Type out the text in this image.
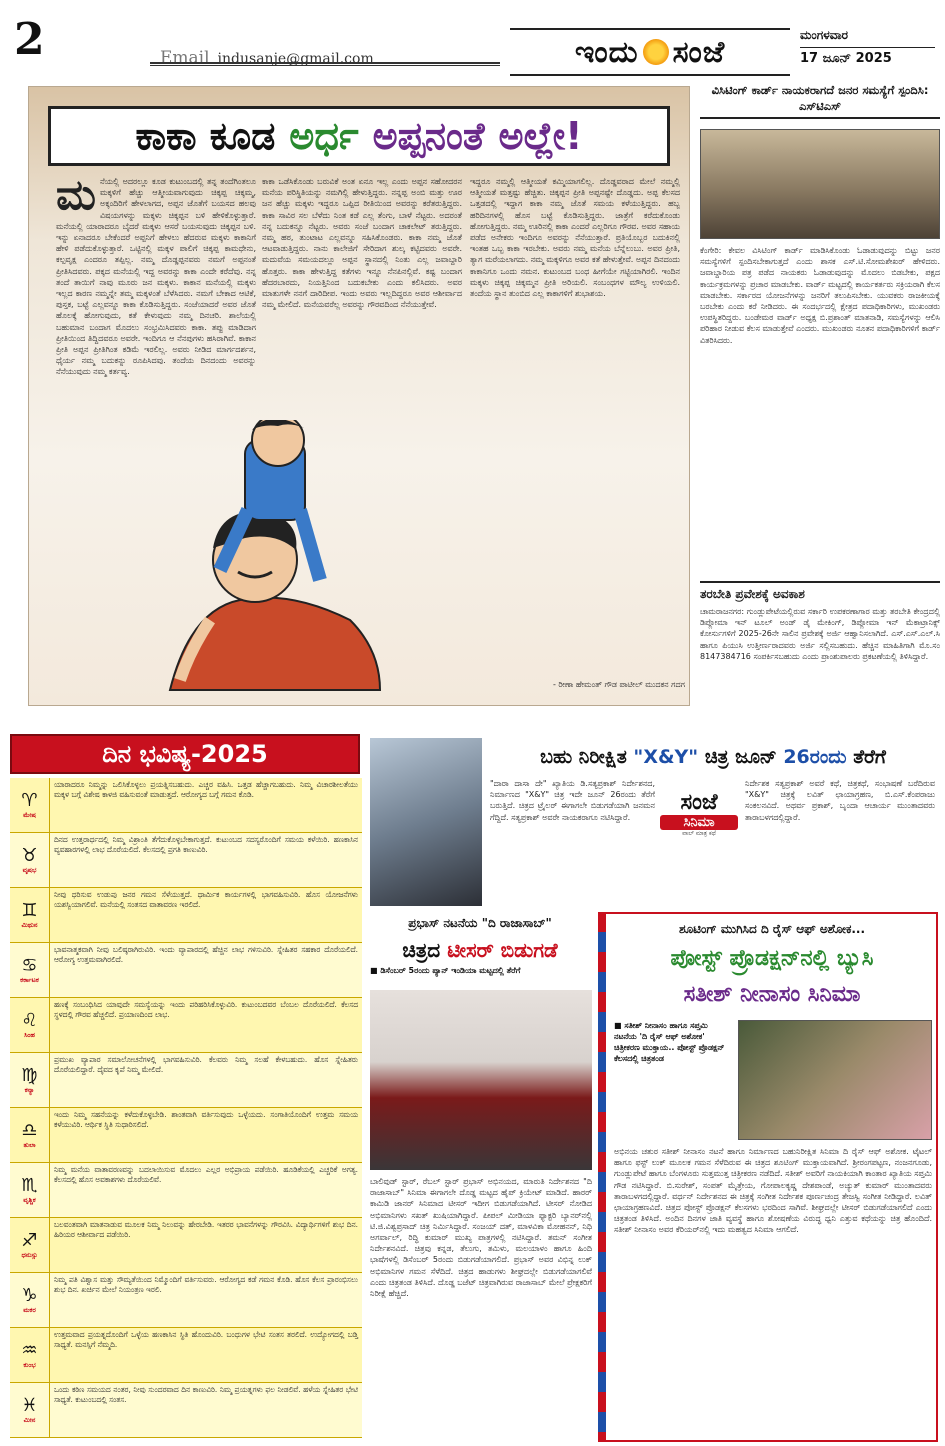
2	Email indusanje@gmail.com	ಇಂದು ಸಂಜೆ	ಮಂಗಳವಾರ
17 ಜೂನ್ 2025
ಕಾಕಾ ಕೂಡ ಅರ್ಧ ಅಪ್ಪನಂತೆ ಅಲ್ಲೇ!
ಮನೆಯಲ್ಲಿ ಅದರಲ್ಲೂ ಕೂಡ ಕುಟುಂಬದಲ್ಲಿ ತನ್ನ ತಂದೆಗಿಂತಲೂ ಮಕ್ಕಳಿಗೆ ಹೆಚ್ಚು ಆತ್ಮೀಯವಾಗುವುದು ಚಿಕ್ಕಪ್ಪ ಚಿಕ್ಕಮ್ಮ, ಅಕ್ಕಂದಿರಿಗೆ ಹೇಳಲಾಗದ, ಅಪ್ಪನ ಜೊತೆಗೆ ಬಯಸದ ಹಲವು ವಿಷಯಗಳನ್ನು ಮಕ್ಕಳು ಚಿಕ್ಕಪ್ಪನ ಬಳಿ ಹೇಳಿಕೊಳ್ಳುತ್ತಾರೆ. ಮನೆಯಲ್ಲಿ ಯಾರಾದರೂ ಬೈದರೆ ಮಕ್ಕಳು ಆಸರೆ ಬಯಸುವುದು ಚಿಕ್ಕಪ್ಪನ ಬಳಿ. ಇನ್ನು ಏನಾದರೂ ಬೇಕೆಂದರೆ ಅಪ್ಪನಿಗೆ ಹೇಳಲು ಹೆದರುವ ಮಕ್ಕಳು ಕಾಕಾನಿಗೆ ಹೇಳಿ ಪಡೆದುಕೊಳ್ಳುತ್ತಾರೆ. ಒಟ್ಟಿನಲ್ಲಿ ಮಕ್ಕಳ ಪಾಲಿಗೆ ಚಿಕ್ಕಪ್ಪ ಕಾಮಧೇನು, ಕಲ್ಪವೃಕ್ಷ ಎಂದರೂ ತಪ್ಪಿಲ್ಲ. ನಮ್ಮ ದೊಡ್ಡಪ್ಪನವರು ನಮಗೆ ಅಪ್ಪನಂತೆ ಪ್ರೀತಿಸಿದವರು. ಪಕ್ಕದ ಮನೆಯಲ್ಲಿ ಇದ್ದ ಅವರನ್ನು ಕಾಕಾ ಎಂದೇ ಕರೆದೆವು. ನನ್ನ ತಂದೆ ತಾಯಿಗೆ ನಾವು ಮೂರು ಜನ ಮಕ್ಕಳು. ಕಾಕಾನ ಮನೆಯಲ್ಲಿ ಮಕ್ಕಳು ಇಲ್ಲದ ಕಾರಣ ನಮ್ಮನ್ನೇ ತಮ್ಮ ಮಕ್ಕಳಂತೆ ಬೆಳೆಸಿದರು. ನಮಗೆ ಬೇಕಾದ ಆಟಿಕೆ, ಪುಸ್ತಕ, ಬಟ್ಟೆ ಎಲ್ಲವನ್ನೂ ಕಾಕಾ ಕೊಡಿಸುತ್ತಿದ್ದರು. ಸಂಜೆಯಾದರೆ ಅವರ ಜೊತೆ ಹೊಲಕ್ಕೆ ಹೋಗುವುದು, ಕತೆ ಕೇಳುವುದು ನಮ್ಮ ದಿನಚರಿ. ಶಾಲೆಯಲ್ಲಿ ಬಹುಮಾನ ಬಂದಾಗ ಮೊದಲು ಸಂಭ್ರಮಿಸಿದವರು ಕಾಕಾ. ತಪ್ಪು ಮಾಡಿದಾಗ ಪ್ರೀತಿಯಿಂದ ತಿದ್ದಿದವರೂ ಅವರೇ. ಇಂದಿಗೂ ಆ ನೆನಪುಗಳು ಹಸಿರಾಗಿವೆ. ಕಾಕಾನ ಪ್ರೀತಿ ಅಪ್ಪನ ಪ್ರೀತಿಗಿಂತ ಕಡಿಮೆ ಇರಲಿಲ್ಲ. ಅವರು ನೀಡಿದ ಮಾರ್ಗದರ್ಶನ, ಧೈರ್ಯ ನಮ್ಮ ಬದುಕನ್ನು ರೂಪಿಸಿದವು. ತಂದೆಯ ದಿನದಂದು ಅವರನ್ನು ನೆನೆಯುವುದು ನಮ್ಮ ಕರ್ತವ್ಯ.
ಕಾಕಾ ಒಡೆಸಿಕೊಂಡು ಬರುವಿಕೆ ಅಂತ ಏನೂ ಇಲ್ಲ ಎಂದು ಅಪ್ಪನ ಸಹೋದರನ ಮನೆಯ ಪರಿಸ್ಥಿತಿಯನ್ನು ನಮಗಿಲ್ಲಿ ಹೇಳುತ್ತಿದ್ದರು. ನನ್ನಪ್ಪ ಅಂಬಿ ಮತ್ತು ಊರ ಜನ ಹೆಚ್ಚು ಮಕ್ಕಳು ಇದ್ದರೂ ಒಪ್ಪಿದ ರೀತಿಯಿಂದ ಅವರನ್ನು ಕರೆತರುತ್ತಿದ್ದರು. ಕಾಕಾ ಸಾವಿರ ಸಲ ಬೆಳೆದು ನಿಂತ ಕಡೆ ಎಲ್ಲ ತೆಂಗು, ಬಾಳೆ ನೆಟ್ಟರು. ಅದರಂತೆ ನನ್ನ ಬದುಕನ್ನೂ ನೆಟ್ಟರು. ಅವರು ಸಂಜೆ ಬಂದಾಗ ಚಾಕಲೇಟ್ ತರುತ್ತಿದ್ದರು. ನಮ್ಮ ಹಠ, ತುಂಟಾಟ ಎಲ್ಲವನ್ನೂ ಸಹಿಸಿಕೊಂಡರು. ಕಾಕಾ ನಮ್ಮ ಜೊತೆ ಆಟವಾಡುತ್ತಿದ್ದರು. ನಾನು ಕಾಲೇಜಿಗೆ ಸೇರಿದಾಗ ಶುಲ್ಕ ಕಟ್ಟಿದವರು ಅವರೇ. ಮದುವೆಯ ಸಮಯದಲ್ಲೂ ಅಪ್ಪನ ಸ್ಥಾನದಲ್ಲಿ ನಿಂತು ಎಲ್ಲ ಜವಾಬ್ದಾರಿ ಹೊತ್ತರು. ಕಾಕಾ ಹೇಳುತ್ತಿದ್ದ ಕತೆಗಳು ಇನ್ನೂ ನೆನಪಿನಲ್ಲಿವೆ. ಕಷ್ಟ ಬಂದಾಗ ಹೆದರಬಾರದು, ನಿಯತ್ತಿನಿಂದ ಬದುಕಬೇಕು ಎಂದು ಕಲಿಸಿದರು. ಅವರ ಮಾತುಗಳೇ ನನಗೆ ದಾರಿದೀಪ. ಇಂದು ಅವರು ಇಲ್ಲದಿದ್ದರೂ ಅವರ ಆಶೀರ್ವಾದ ನಮ್ಮ ಮೇಲಿದೆ. ಮನೆಯವರೆಲ್ಲ ಅವರನ್ನು ಗೌರವದಿಂದ ನೆನೆಯುತ್ತೇವೆ.
ಇದ್ದರೂ ನಮ್ಮಲ್ಲಿ ಆತ್ಮೀಯತೆ ಕಮ್ಮಿಯಾಗಲಿಲ್ಲ. ದೊಡ್ಡವರಾದ ಮೇಲೆ ನಮ್ಮಲ್ಲಿ ಆತ್ಮೀಯತೆ ಮತ್ತಷ್ಟು ಹೆಚ್ಚಿತು. ಚಿಕ್ಕಪ್ಪನ ಪ್ರೀತಿ ಅಪ್ಪನಷ್ಟೇ ದೊಡ್ಡದು. ಅಪ್ಪ ಕೆಲಸದ ಒತ್ತಡದಲ್ಲಿ ಇದ್ದಾಗ ಕಾಕಾ ನಮ್ಮ ಜೊತೆ ಸಮಯ ಕಳೆಯುತ್ತಿದ್ದರು. ಹಬ್ಬ ಹರಿದಿನಗಳಲ್ಲಿ ಹೊಸ ಬಟ್ಟೆ ಕೊಡಿಸುತ್ತಿದ್ದರು. ಜಾತ್ರೆಗೆ ಕರೆದುಕೊಂಡು ಹೋಗುತ್ತಿದ್ದರು. ನಮ್ಮ ಊರಿನಲ್ಲಿ ಕಾಕಾ ಎಂದರೆ ಎಲ್ಲರಿಗೂ ಗೌರವ. ಅವರ ಸಹಾಯ ಪಡೆದ ಅನೇಕರು ಇಂದಿಗೂ ಅವರನ್ನು ನೆನೆಯುತ್ತಾರೆ. ಪ್ರತಿಯೊಬ್ಬರ ಬದುಕಿನಲ್ಲಿ ಇಂತಹ ಒಬ್ಬ ಕಾಕಾ ಇರಬೇಕು. ಅವರು ನಮ್ಮ ಮನೆಯ ಬೆನ್ನೆಲುಬು. ಅವರ ಪ್ರೀತಿ, ತ್ಯಾಗ ಮರೆಯಲಾಗದು. ನಮ್ಮ ಮಕ್ಕಳಿಗೂ ಅವರ ಕತೆ ಹೇಳುತ್ತೇವೆ. ಅಪ್ಪನ ದಿನದಂದು ಕಾಕಾನಿಗೂ ಒಂದು ನಮನ. ಕುಟುಂಬದ ಬಂಧ ಹೀಗೆಯೇ ಗಟ್ಟಿಯಾಗಿರಲಿ. ಇಂದಿನ ಮಕ್ಕಳು ಚಿಕ್ಕಪ್ಪ ಚಿಕ್ಕಮ್ಮನ ಪ್ರೀತಿ ಅರಿಯಲಿ. ಸಂಬಂಧಗಳ ಮೌಲ್ಯ ಉಳಿಯಲಿ. ತಂದೆಯ ಸ್ಥಾನ ತುಂಬಿದ ಎಲ್ಲ ಕಾಕಾಗಳಿಗೆ ಶುಭಾಶಯ.
- ರೀಣಾ ಹೇಮಂತ್ ಗೌಡ ಪಾಟೀಲ್ ಮುದಕನ ಗದಗ
ವಿಸಿಟಿಂಗ್ ಕಾರ್ಡ್ ನಾಯಕರಾಗದೆ ಜನರ ಸಮಸ್ಯೆಗೆ ಸ್ಪಂದಿಸಿ: ಎಸ್‌ಟಿಎಸ್
ಕೆಂಗೇರಿ: ಕೇವಲ ವಿಸಿಟಿಂಗ್ ಕಾರ್ಡ್ ಮಾಡಿಸಿಕೊಂಡು ಓಡಾಡುವುದನ್ನು ಬಿಟ್ಟು ಜನರ ಸಮಸ್ಯೆಗಳಿಗೆ ಸ್ಪಂದಿಸಬೇಕಾಗುತ್ತದೆ ಎಂದು ಶಾಸಕ ಎಸ್.ಟಿ.ಸೋಮಶೇಖರ್ ಹೇಳಿದರು. ಜವಾಬ್ದಾರಿಯ ಪತ್ರ ಪಡೆದ ನಾಯಕರು ಓಡಾಡುವುದನ್ನು ಮೊದಲು ಬಿಡಬೇಕು, ಪಕ್ಷದ ಕಾರ್ಯಕ್ರಮಗಳನ್ನು ಪ್ರಚಾರ ಮಾಡಬೇಕು. ವಾರ್ಡ್ ಮಟ್ಟದಲ್ಲಿ ಕಾರ್ಯಕರ್ತರು ಸಕ್ರಿಯರಾಗಿ ಕೆಲಸ ಮಾಡಬೇಕು. ಸರ್ಕಾರದ ಯೋಜನೆಗಳನ್ನು ಜನರಿಗೆ ತಲುಪಿಸಬೇಕು. ಯುವಕರು ರಾಜಕೀಯಕ್ಕೆ ಬರಬೇಕು ಎಂದು ಕರೆ ನೀಡಿದರು. ಈ ಸಂದರ್ಭದಲ್ಲಿ ಕ್ಷೇತ್ರದ ಪದಾಧಿಕಾರಿಗಳು, ಮುಖಂಡರು ಉಪಸ್ಥಿತರಿದ್ದರು. ಬಂಡೇಮಠ ವಾರ್ಡ್ ಅಧ್ಯಕ್ಷ ಬಿ.ಪ್ರಶಾಂತ್ ಮಾತನಾಡಿ, ಸಮಸ್ಯೆಗಳನ್ನು ಆಲಿಸಿ ಪರಿಹಾರ ನೀಡುವ ಕೆಲಸ ಮಾಡುತ್ತೇವೆ ಎಂದರು. ಮುಖಂಡರು ನೂತನ ಪದಾಧಿಕಾರಿಗಳಿಗೆ ಕಾರ್ಡ್ ವಿತರಿಸಿದರು.
ತರಬೇತಿ ಪ್ರವೇಶಕ್ಕೆ ಅವಕಾಶ
ಚಾಮರಾಜನಗರ: ಗುಂಡ್ಲುಪೇಟೆಯಲ್ಲಿರುವ ಸರ್ಕಾರಿ ಉಪಕರಣಾಗಾರ ಮತ್ತು ತರಬೇತಿ ಕೇಂದ್ರದಲ್ಲಿ ಡಿಪ್ಲೋಮಾ ಇನ್ ಟೂಲ್ ಅಂಡ್ ಡೈ ಮೇಕಿಂಗ್, ಡಿಪ್ಲೋಮಾ ಇನ್ ಮೆಕಾಟ್ರಾನಿಕ್ಸ್ ಕೋರ್ಸುಗಳಿಗೆ 2025-26ನೇ ಸಾಲಿನ ಪ್ರವೇಶಕ್ಕೆ ಅರ್ಜಿ ಆಹ್ವಾನಿಸಲಾಗಿದೆ. ಎಸ್.ಎಸ್.ಎಲ್.ಸಿ ಹಾಗೂ ಪಿಯುಸಿ ಉತ್ತೀರ್ಣರಾದವರು ಅರ್ಜಿ ಸಲ್ಲಿಸಬಹುದು. ಹೆಚ್ಚಿನ ಮಾಹಿತಿಗಾಗಿ ಮೊ.ಸಂ 8147384716 ಸಂಪರ್ಕಿಸಬಹುದು ಎಂದು ಪ್ರಾಂಶುಪಾಲರು ಪ್ರಕಟಣೆಯಲ್ಲಿ ತಿಳಿಸಿದ್ದಾರೆ.
ದಿನ ಭವಿಷ್ಯ-2025
♈
ಮೇಷ
ಯಾರಾದರೂ ನಿಮ್ಮನ್ನು ಒಲಿಸಿಕೊಳ್ಳಲು ಪ್ರಯತ್ನಿಸಬಹುದು. ಎಚ್ಚರ ವಹಿಸಿ. ಒತ್ತಡ ಹೆಚ್ಚಾಗಬಹುದು. ನಿಮ್ಮ ವಿಚಾರಶೀಲತೆಯು ಮಕ್ಕಳ ಬಗ್ಗೆ ವಿಶೇಷ ಕಾಳಜಿ ವಹಿಸುವಂತೆ ಮಾಡುತ್ತದೆ. ಆರೋಗ್ಯದ ಬಗ್ಗೆ ಗಮನ ಕೊಡಿ.
♉
ವೃಷಭ
ದಿನದ ಉತ್ತರಾರ್ಧದಲ್ಲಿ ನಿಮ್ಮ ವಿಶ್ರಾಂತಿ ತೆಗೆದುಕೊಳ್ಳಬೇಕಾಗುತ್ತದೆ. ಕುಟುಂಬದ ಸದಸ್ಯರೊಂದಿಗೆ ಸಮಯ ಕಳೆಯಿರಿ. ಹಣಕಾಸಿನ ವ್ಯವಹಾರಗಳಲ್ಲಿ ಲಾಭ ದೊರೆಯಲಿದೆ. ಕೆಲಸದಲ್ಲಿ ಪ್ರಗತಿ ಕಾಣುವಿರಿ.
♊
ಮಿಥುನ
ನೀವು ಧರಿಸುವ ಉಡುಪು ಜನರ ಗಮನ ಸೆಳೆಯುತ್ತದೆ. ಧಾರ್ಮಿಕ ಕಾರ್ಯಗಳಲ್ಲಿ ಭಾಗವಹಿಸುವಿರಿ. ಹೊಸ ಯೋಜನೆಗಳು ಯಶಸ್ವಿಯಾಗಲಿವೆ. ಮನೆಯಲ್ಲಿ ಸಂತಸದ ವಾತಾವರಣ ಇರಲಿದೆ.
♋
ಕರ್ಕಾಟಕ
ಭಾವನಾತ್ಮಕವಾಗಿ ನೀವು ಬಲಿಷ್ಠರಾಗಿರುವಿರಿ. ಇಂದು ವ್ಯಾಪಾರದಲ್ಲಿ ಹೆಚ್ಚಿನ ಲಾಭ ಗಳಿಸುವಿರಿ. ಸ್ನೇಹಿತರ ಸಹಕಾರ ದೊರೆಯಲಿದೆ. ಆರೋಗ್ಯ ಉತ್ತಮವಾಗಿರಲಿದೆ.
♌
ಸಿಂಹ
ಹಣಕ್ಕೆ ಸಂಬಂಧಿಸಿದ ಯಾವುದೇ ಸಮಸ್ಯೆಯನ್ನು ಇಂದು ಪರಿಹರಿಸಿಕೊಳ್ಳುವಿರಿ. ಕುಟುಂಬದವರ ಬೆಂಬಲ ದೊರೆಯಲಿದೆ. ಕೆಲಸದ ಸ್ಥಳದಲ್ಲಿ ಗೌರವ ಹೆಚ್ಚಲಿದೆ. ಪ್ರಯಾಣದಿಂದ ಲಾಭ.
♍
ಕನ್ಯಾ
ಪ್ರಮುಖ ವ್ಯಾಪಾರ ಸಮಾಲೋಚನೆಗಳಲ್ಲಿ ಭಾಗವಹಿಸುವಿರಿ. ಕೆಲವರು ನಿಮ್ಮ ಸಲಹೆ ಕೇಳಬಹುದು. ಹೊಸ ಸ್ನೇಹಿತರು ದೊರೆಯಲಿದ್ದಾರೆ. ದೈವದ ಕೃಪೆ ನಿಮ್ಮ ಮೇಲಿದೆ.
♎
ತುಲಾ
ಇಂದು ನಿಮ್ಮ ಸಹನೆಯನ್ನು ಕಳೆದುಕೊಳ್ಳಬೇಡಿ. ಶಾಂತವಾಗಿ ವರ್ತಿಸುವುದು ಒಳ್ಳೆಯದು. ಸಂಗಾತಿಯೊಂದಿಗೆ ಉತ್ತಮ ಸಮಯ ಕಳೆಯುವಿರಿ. ಆರ್ಥಿಕ ಸ್ಥಿತಿ ಸುಧಾರಿಸಲಿದೆ.
♏
ವೃಶ್ಚಿಕ
ನಿಮ್ಮ ಮನೆಯ ವಾತಾವರಣವನ್ನು ಬದಲಾಯಿಸುವ ಮೊದಲು ಎಲ್ಲರ ಅಭಿಪ್ರಾಯ ಪಡೆಯಿರಿ. ಹೂಡಿಕೆಯಲ್ಲಿ ಎಚ್ಚರಿಕೆ ಅಗತ್ಯ. ಕೆಲಸದಲ್ಲಿ ಹೊಸ ಅವಕಾಶಗಳು ದೊರೆಯಲಿವೆ.
♐
ಧನುಸ್ಸು
ಬಲವಂತವಾಗಿ ಮಾತನಾಡುವ ಮೂಲಕ ನಿಮ್ಮ ನಿಲುವನ್ನು ಹೇರಬೇಡಿ. ಇತರರ ಭಾವನೆಗಳನ್ನು ಗೌರವಿಸಿ. ವಿದ್ಯಾರ್ಥಿಗಳಿಗೆ ಶುಭ ದಿನ. ಹಿರಿಯರ ಆಶೀರ್ವಾದ ಪಡೆಯಿರಿ.
♑
ಮಕರ
ನಿಮ್ಮ ಪತಿ ವಿಶ್ವಾಸ ಮತ್ತು ಸೌಮ್ಯತೆಯಿಂದ ನಿಮ್ಮೊಂದಿಗೆ ವರ್ತಿಸುವರು. ಆರೋಗ್ಯದ ಕಡೆ ಗಮನ ಕೊಡಿ. ಹೊಸ ಕೆಲಸ ಪ್ರಾರಂಭಿಸಲು ಶುಭ ದಿನ. ಖರ್ಚಿನ ಮೇಲೆ ನಿಯಂತ್ರಣ ಇರಲಿ.
♒
ಕುಂಭ
ಉತ್ತಮವಾದ ಪ್ರಯತ್ನದೊಂದಿಗೆ ಒಳ್ಳೆಯ ಹಣಕಾಸಿನ ಸ್ಥಿತಿ ಹೊಂದುವಿರಿ. ಬಂಧುಗಳ ಭೇಟಿ ಸಂತಸ ತರಲಿದೆ. ಉದ್ಯೋಗದಲ್ಲಿ ಬಡ್ತಿ ಸಾಧ್ಯತೆ. ಮನಸ್ಸಿಗೆ ನೆಮ್ಮದಿ.
♓
ಮೀನ
ಒಂದು ಕಠಿಣ ಸಮಯದ ನಂತರ, ನೀವು ಸುಂದರವಾದ ದಿನ ಕಾಣುವಿರಿ. ನಿಮ್ಮ ಪ್ರಯತ್ನಗಳು ಫಲ ನೀಡಲಿವೆ. ಹಳೆಯ ಸ್ನೇಹಿತರ ಭೇಟಿ ಸಾಧ್ಯತೆ. ಕುಟುಂಬದಲ್ಲಿ ಸಂತಸ.
ಬಹು ನಿರೀಕ್ಷಿತ "X&Y" ಚಿತ್ರ ಜೂನ್ 26ರಂದು ತೆರೆಗೆ
"ದಾರಾ ದಾಸಾ ದೇ" ಖ್ಯಾತಿಯ ಡಿ.ಸತ್ಯಪ್ರಕಾಶ್ ನಿರ್ದೇಶನದ, ನಿರ್ಮಾಣದ "X&Y" ಚಿತ್ರ ಇದೇ ಜೂನ್ 26ರಂದು ತೆರೆಗೆ ಬರುತ್ತಿದೆ. ಚಿತ್ರದ ಟ್ರೈಲರ್ ಈಗಾಗಲೇ ಬಿಡುಗಡೆಯಾಗಿ ಜನಮನ ಗೆದ್ದಿದೆ. ಸತ್ಯಪ್ರಕಾಶ್ ಅವರೇ ನಾಯಕರಾಗೂ ನಟಿಸಿದ್ದಾರೆ.
ಸಂಜೆ
ಸಿನಿಮಾ
ವಾಲ್ ಮಾತ್ರ ಕಥೆ
ನಿರ್ದೇಶಕ ಸತ್ಯಪ್ರಕಾಶ್ ಅವರೆ ಕಥೆ, ಚಿತ್ರಕಥೆ, ಸಂಭಾಷಣೆ ಬರೆದಿರುವ "X&Y" ಚಿತ್ರಕ್ಕೆ ಲವಿತ್ ಛಾಯಾಗ್ರಹಣ, ಬಿ.ಎಸ್.ಕೆಂಪರಾಜು ಸಂಕಲನವಿದೆ. ಅಥರ್ವ ಪ್ರಕಾಶ್, ಬೃಂದಾ ಆಚಾರ್ಯ ಮುಂತಾದವರು ತಾರಾಬಳಗದಲ್ಲಿದ್ದಾರೆ.
ಪ್ರಭಾಸ್ ನಟನೆಯ "ದಿ ರಾಜಾಸಾಬ್"
ಚಿತ್ರದ ಟೀಸರ್ ಬಿಡುಗಡೆ
■ ಡಿಸೆಂಬರ್ 5ರಂದು ಪ್ಯಾನ್ ಇಂಡಿಯಾ ಮಟ್ಟದಲ್ಲಿ ತೆರೆಗೆ
ಬಾಲಿವುಡ್ ಸ್ಟಾರ್, ರೆಬಲ್ ಸ್ಟಾರ್ ಪ್ರಭಾಸ್ ಅಭಿನಯದ, ಮಾರುತಿ ನಿರ್ದೇಶನದ "ದಿ ರಾಜಾಸಾಬ್" ಸಿನಿಮಾ ಈಗಾಗಲೇ ದೊಡ್ಡ ಮಟ್ಟದ ಹೈಪ್ ಕ್ರಿಯೇಟ್ ಮಾಡಿದೆ. ಹಾರರ್ ಕಾಮಿಡಿ ಜಾನರ್ ಸಿನಿಮಾದ ಟೀಸರ್ ಇದೀಗ ಬಿಡುಗಡೆಯಾಗಿದೆ. ಟೀಸರ್ ನೋಡಿದ ಅಭಿಮಾನಿಗಳು ಸಖತ್ ಖುಷಿಯಾಗಿದ್ದಾರೆ. ಪೀಪಲ್ ಮೀಡಿಯಾ ಫ್ಯಾಕ್ಟರಿ ಬ್ಯಾನರ್‌ನಲ್ಲಿ ಟಿ.ಜಿ.ವಿಶ್ವಪ್ರಸಾದ್ ಚಿತ್ರ ನಿರ್ಮಿಸಿದ್ದಾರೆ. ಸಂಜಯ್ ದತ್, ಮಾಳವಿಕಾ ಮೋಹನನ್, ನಿಧಿ ಅಗರ್ವಾಲ್, ರಿದ್ಧಿ ಕುಮಾರ್ ಮುಖ್ಯ ಪಾತ್ರಗಳಲ್ಲಿ ನಟಿಸಿದ್ದಾರೆ. ತಮನ್ ಸಂಗೀತ ನಿರ್ದೇಶನವಿದೆ. ಚಿತ್ರವು ಕನ್ನಡ, ತೆಲುಗು, ತಮಿಳು, ಮಲಯಾಳಂ ಹಾಗೂ ಹಿಂದಿ ಭಾಷೆಗಳಲ್ಲಿ ಡಿಸೆಂಬರ್ 5ರಂದು ಬಿಡುಗಡೆಯಾಗಲಿದೆ. ಪ್ರಭಾಸ್ ಅವರ ವಿಭಿನ್ನ ಲುಕ್ ಅಭಿಮಾನಿಗಳ ಗಮನ ಸೆಳೆದಿದೆ. ಚಿತ್ರದ ಹಾಡುಗಳು ಶೀಘ್ರದಲ್ಲೇ ಬಿಡುಗಡೆಯಾಗಲಿವೆ ಎಂದು ಚಿತ್ರತಂಡ ತಿಳಿಸಿದೆ. ದೊಡ್ಡ ಬಜೆಟ್ ಚಿತ್ರವಾಗಿರುವ ರಾಜಾಸಾಬ್ ಮೇಲೆ ಪ್ರೇಕ್ಷಕರಿಗೆ ನಿರೀಕ್ಷೆ ಹೆಚ್ಚಿದೆ.
ಶೂಟಿಂಗ್ ಮುಗಿಸಿದ ದಿ ರೈಸ್ ಆಫ್ ಅಶೋಕ...
ಪೋಸ್ಟ್ ಪ್ರೊಡಕ್ಷನ್‌ನಲ್ಲಿ ಬ್ಯುಸಿ
ಸತೀಶ್ ನೀನಾಸಂ ಸಿನಿಮಾ
■ ಸತೀಶ್ ನೀನಾಸಂ ಹಾಗೂ ಸಪ್ತಮಿ ನಟನೆಯ 'ದಿ ರೈಸ್ ಆಫ್ ಅಶೋಕ' ಚಿತ್ರೀಕರಣ ಮುಕ್ತಾಯ.. ಪೋಸ್ಟ್ ಪ್ರೊಡಕ್ಷನ್ ಕೆಲಸದಲ್ಲಿ ಚಿತ್ರತಂಡ
ಅಭಿನಯ ಚತುರ ಸತೀಶ್ ನೀನಾಸಂ ನಟನೆ ಹಾಗೂ ನಿರ್ಮಾಣದ ಬಹುನಿರೀಕ್ಷಿತ ಸಿನಿಮಾ ದಿ ರೈಸ್ ಆಫ್ ಅಶೋಕ. ಟೈಟಲ್ ಹಾಗೂ ಫಸ್ಟ್ ಲುಕ್ ಮೂಲಕ ಗಮನ ಸೆಳೆದಿರುವ ಈ ಚಿತ್ರದ ಶೂಟಿಂಗ್ ಮುಕ್ತಾಯವಾಗಿದೆ. ಶ್ರೀರಂಗಪಟ್ಟಣ, ನಂಜನಗೂಡು, ಗುಂಡ್ಲುಪೇಟೆ ಹಾಗೂ ಬೆಂಗಳೂರು ಸುತ್ತಮುತ್ತ ಚಿತ್ರೀಕರಣ ನಡೆದಿದೆ. ಸತೀಶ್ ಅವರಿಗೆ ನಾಯಕಿಯಾಗಿ ಕಾಂತಾರ ಖ್ಯಾತಿಯ ಸಪ್ತಮಿ ಗೌಡ ನಟಿಸಿದ್ದಾರೆ. ಬಿ.ಸುರೇಶ್, ಸಂಪತ್ ಮೈತ್ರೇಯ, ಗೋಪಾಲಕೃಷ್ಣ ದೇಶಪಾಂಡೆ, ಅಚ್ಯುತ್ ಕುಮಾರ್ ಮುಂತಾದವರು ತಾರಾಬಳಗದಲ್ಲಿದ್ದಾರೆ. ವರ್ಧನ್ ನಿರ್ದೇಶನದ ಈ ಚಿತ್ರಕ್ಕೆ ಸಂಗೀತ ನಿರ್ದೇಶಕ ಪೂರ್ಣಚಂದ್ರ ತೇಜಸ್ವಿ ಸಂಗೀತ ನೀಡಿದ್ದಾರೆ. ಲವಿತ್ ಛಾಯಾಗ್ರಹಣವಿದೆ. ಚಿತ್ರದ ಪೋಸ್ಟ್ ಪ್ರೊಡಕ್ಷನ್ ಕೆಲಸಗಳು ಭರದಿಂದ ಸಾಗಿವೆ. ಶೀಘ್ರದಲ್ಲೇ ಟೀಸರ್ ಬಿಡುಗಡೆಯಾಗಲಿದೆ ಎಂದು ಚಿತ್ರತಂಡ ತಿಳಿಸಿದೆ. ಅಂದಿನ ದಿನಗಳ ಜಾತಿ ವ್ಯವಸ್ಥೆ ಹಾಗೂ ಶೋಷಣೆಯ ವಿರುದ್ಧ ಧ್ವನಿ ಎತ್ತುವ ಕಥೆಯನ್ನು ಚಿತ್ರ ಹೊಂದಿದೆ. ಸತೀಶ್ ನೀನಾಸಂ ಅವರ ಕೆರಿಯರ್‌ನಲ್ಲಿ ಇದು ಮಹತ್ವದ ಸಿನಿಮಾ ಆಗಲಿದೆ.
